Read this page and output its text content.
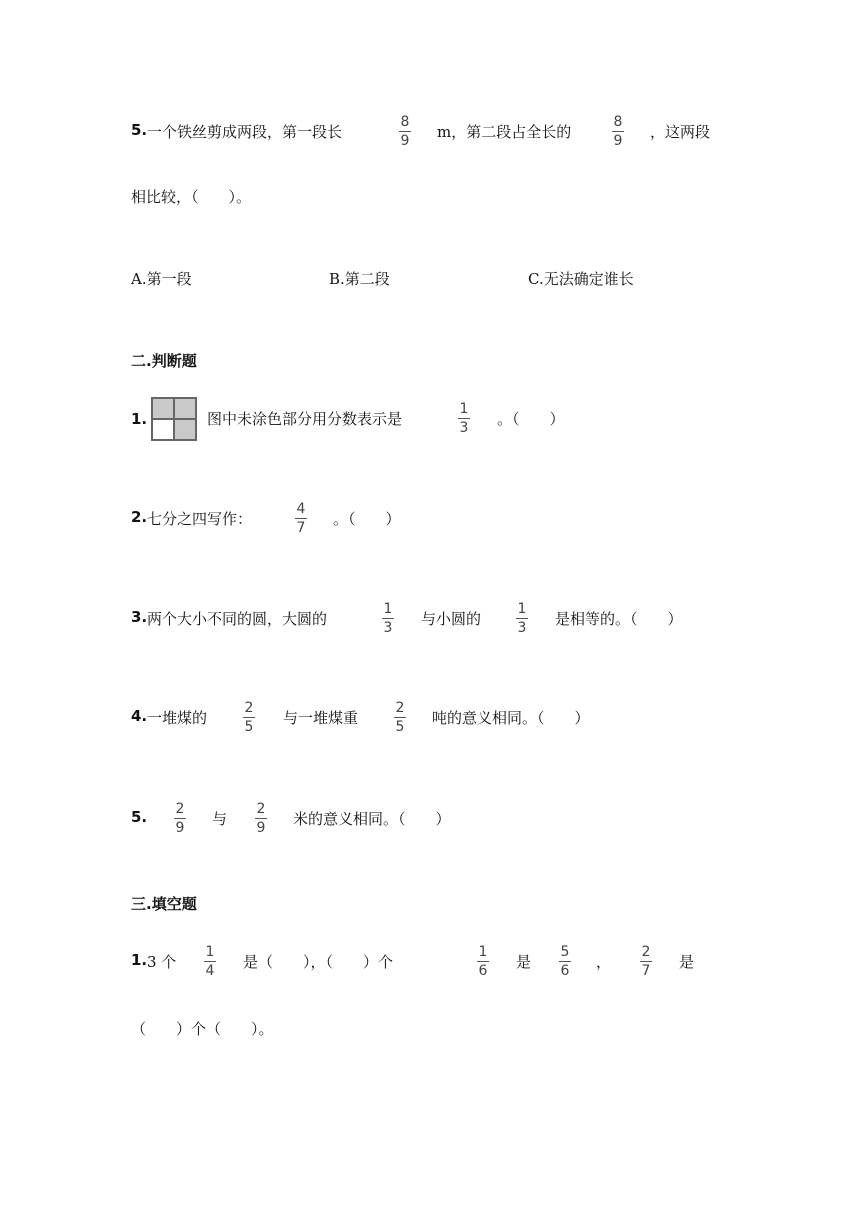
5. 一个铁丝剪成两段，第一段长
8
9 m，第二段占全长的
8
9 ，这两段
相比较，（　　）。
A.第一段	B.第二段	C.无法确定谁长
二.判断题
1.	图中未涂色部分用分数表示是
1
3 。（　　）
2. 七分之四写作：
4
7 。（　　）
3. 两个大小不同的圆，大圆的
1
3 与小圆的
1
3 是相等的。（　　）
4. 一堆煤的
2
5 与一堆煤重
2
5 吨的意义相同。（　　）
5. 2
9 与
2
9 米的意义相同。（　　）
三.填空题
1. 3 个
1
4 是（　　），（　　）个
1
6 是
5
6 ，
2
7 是
（　　）个（　　）。
